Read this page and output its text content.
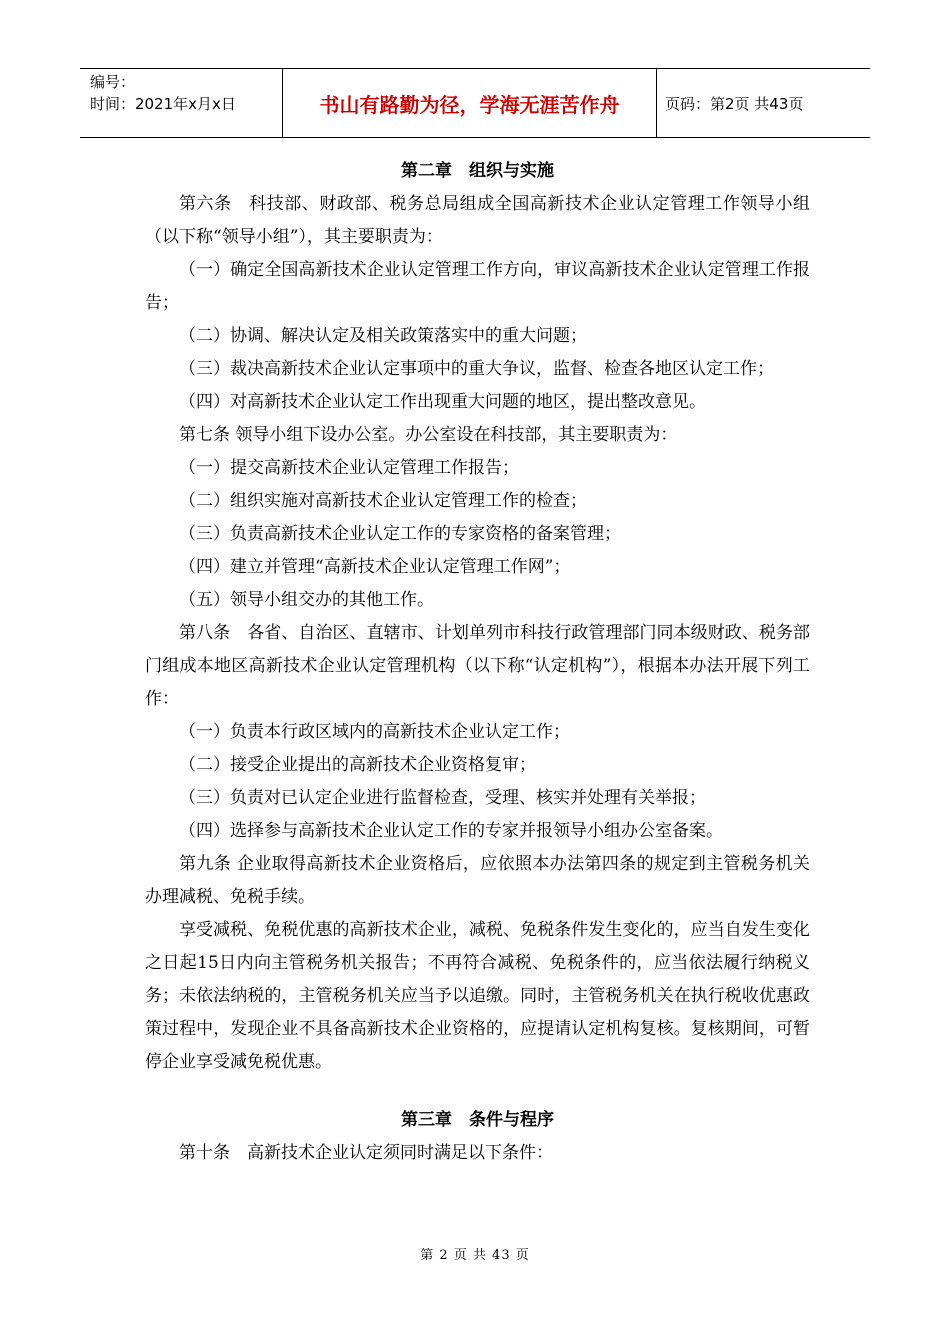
编号：
时间：2021年x月x日	书山有路勤为径，学海无涯苦作舟	页码：第2页 共43页

第二章　组织与实施

第六条　科技部、财政部、税务总局组成全国高新技术企业认定管理工作领导小组（以下称“领导小组”），其主要职责为：

（一）确定全国高新技术企业认定管理工作方向，审议高新技术企业认定管理工作报告；

（二）协调、解决认定及相关政策落实中的重大问题；

（三）裁决高新技术企业认定事项中的重大争议，监督、检查各地区认定工作；

（四）对高新技术企业认定工作出现重大问题的地区，提出整改意见。

第七条 领导小组下设办公室。办公室设在科技部，其主要职责为：

（一）提交高新技术企业认定管理工作报告；

（二）组织实施对高新技术企业认定管理工作的检查；

（三）负责高新技术企业认定工作的专家资格的备案管理；

（四）建立并管理“高新技术企业认定管理工作网”；

（五）领导小组交办的其他工作。

第八条　各省、自治区、直辖市、计划单列市科技行政管理部门同本级财政、税务部门组成本地区高新技术企业认定管理机构（以下称“认定机构”），根据本办法开展下列工作：

（一）负责本行政区域内的高新技术企业认定工作；

（二）接受企业提出的高新技术企业资格复审；

（三）负责对已认定企业进行监督检查，受理、核实并处理有关举报；

（四）选择参与高新技术企业认定工作的专家并报领导小组办公室备案。

第九条 企业取得高新技术企业资格后，应依照本办法第四条的规定到主管税务机关办理减税、免税手续。

享受减税、免税优惠的高新技术企业，减税、免税条件发生变化的，应当自发生变化之日起15日内向主管税务机关报告；不再符合减税、免税条件的，应当依法履行纳税义务；未依法纳税的，主管税务机关应当予以追缴。同时，主管税务机关在执行税收优惠政策过程中，发现企业不具备高新技术企业资格的，应提请认定机构复核。复核期间，可暂停企业享受减免税优惠。

第三章　条件与程序

第十条　高新技术企业认定须同时满足以下条件：

第 2 页 共 43 页
